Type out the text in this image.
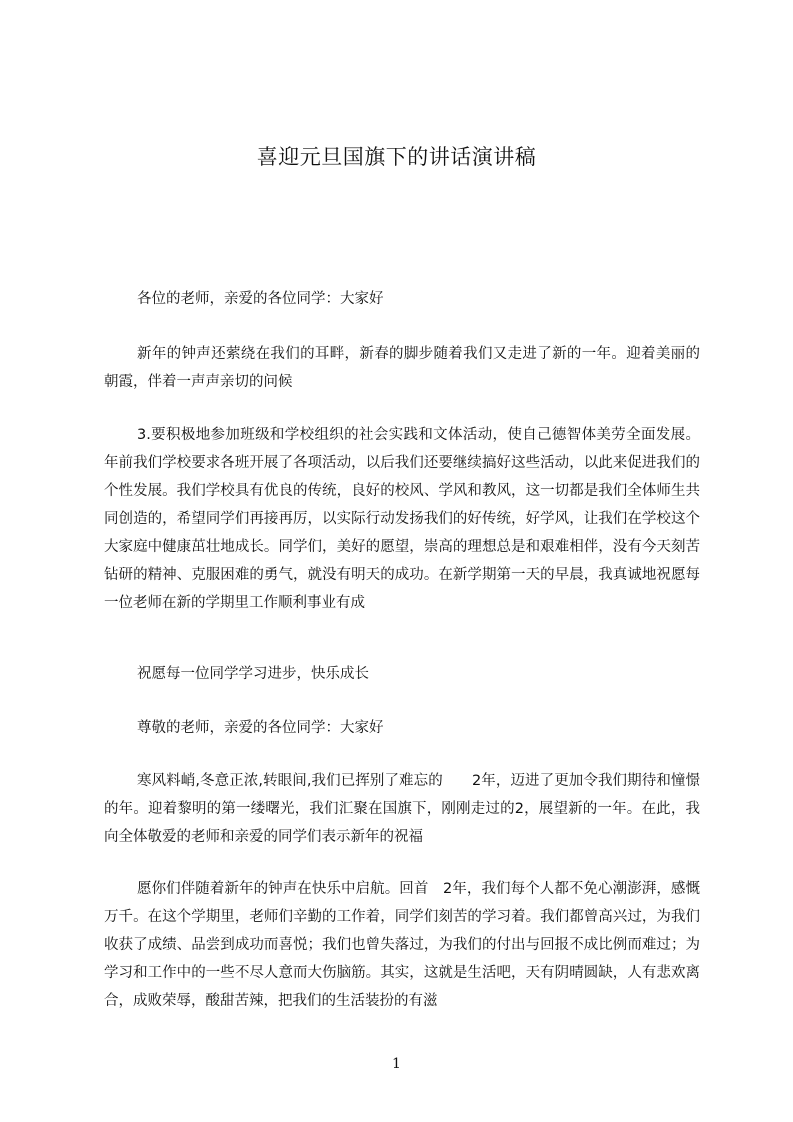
喜迎元旦国旗下的讲话演讲稿

各位的老师，亲爱的各位同学：大家好

新年的钟声还萦绕在我们的耳畔，新春的脚步随着我们又走进了新的一年。迎着美丽的朝霞，伴着一声声亲切的问候

3.要积极地参加班级和学校组织的社会实践和文体活动，使自己德智体美劳全面发展。年前我们学校要求各班开展了各项活动，以后我们还要继续搞好这些活动，以此来促进我们的个性发展。我们学校具有优良的传统，良好的校风、学风和教风，这一切都是我们全体师生共同创造的，希望同学们再接再厉，以实际行动发扬我们的好传统，好学风，让我们在学校这个大家庭中健康茁壮地成长。同学们，美好的愿望，崇高的理想总是和艰难相伴，没有今天刻苦钻研的精神、克服困难的勇气，就没有明天的成功。在新学期第一天的早晨，我真诚地祝愿每一位老师在新的学期里工作顺利事业有成

祝愿每一位同学学习进步，快乐成长

尊敬的老师，亲爱的各位同学：大家好

寒风料峭,冬意正浓,转眼间,我们已挥别了难忘的　　2年，迈进了更加令我们期待和憧憬的年。迎着黎明的第一缕曙光，我们汇聚在国旗下，刚刚走过的2，展望新的一年。在此，我向全体敬爱的老师和亲爱的同学们表示新年的祝福

愿你们伴随着新年的钟声在快乐中启航。回首　2年，我们每个人都不免心潮澎湃，感慨万千。在这个学期里，老师们辛勤的工作着，同学们刻苦的学习着。我们都曾高兴过，为我们收获了成绩、品尝到成功而喜悦；我们也曾失落过，为我们的付出与回报不成比例而难过；为学习和工作中的一些不尽人意而大伤脑筋。其实，这就是生活吧，天有阴晴圆缺，人有悲欢离合，成败荣辱，酸甜苦辣，把我们的生活装扮的有滋

1
